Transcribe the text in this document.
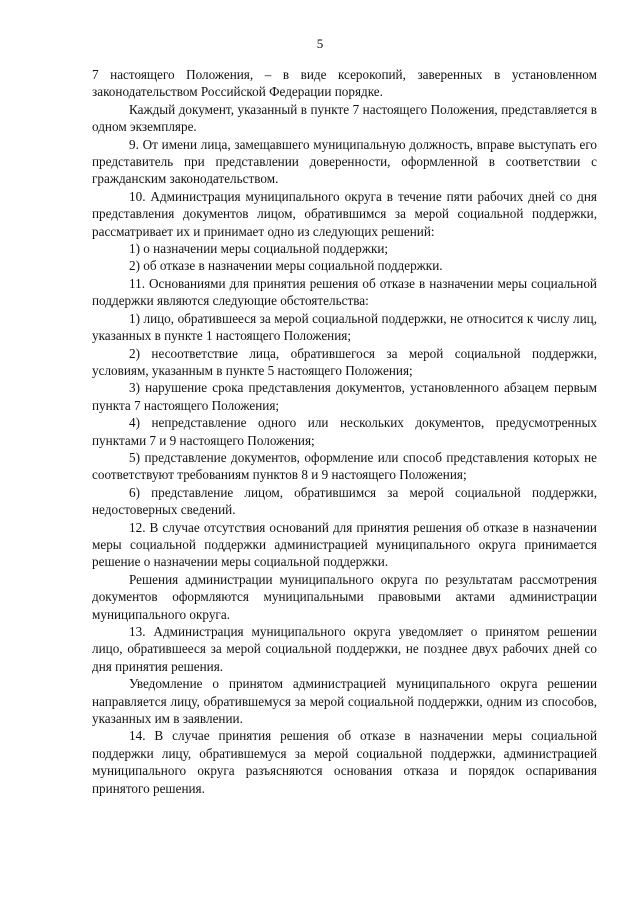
5

7 настоящего Положения, – в виде ксерокопий, заверенных в установленном законодательством Российской Федерации порядке.

Каждый документ, указанный в пункте 7 настоящего Положения, представляется в одном экземпляре.

9. От имени лица, замещавшего муниципальную должность, вправе выступать его представитель при представлении доверенности, оформленной в соответствии с гражданским законодательством.

10. Администрация муниципального округа в течение пяти рабочих дней со дня представления документов лицом, обратившимся за мерой социальной поддержки, рассматривает их и принимает одно из следующих решений:

1) о назначении меры социальной поддержки;

2) об отказе в назначении меры социальной поддержки.

11. Основаниями для принятия решения об отказе в назначении меры социальной поддержки являются следующие обстоятельства:

1) лицо, обратившееся за мерой социальной поддержки, не относится к числу лиц, указанных в пункте 1 настоящего Положения;

2) несоответствие лица, обратившегося за мерой социальной поддержки, условиям, указанным в пункте 5 настоящего Положения;

3) нарушение срока представления документов, установленного абзацем первым пункта 7 настоящего Положения;

4) непредставление одного или нескольких документов, предусмотренных пунктами 7 и 9 настоящего Положения;

5) представление документов, оформление или способ представления которых не соответствуют требованиям пунктов 8 и 9 настоящего Положения;

6) представление лицом, обратившимся за мерой социальной поддержки, недостоверных сведений.

12. В случае отсутствия оснований для принятия решения об отказе в назначении меры социальной поддержки администрацией муниципального округа принимается решение о назначении меры социальной поддержки.

Решения администрации муниципального округа по результатам рассмотрения документов оформляются муниципальными правовыми актами администрации муниципального округа.

13. Администрация муниципального округа уведомляет о принятом решении лицо, обратившееся за мерой социальной поддержки, не позднее двух рабочих дней со дня принятия решения.

Уведомление о принятом администрацией муниципального округа решении направляется лицу, обратившемуся за мерой социальной поддержки, одним из способов, указанных им в заявлении.

14. В случае принятия решения об отказе в назначении меры социальной поддержки лицу, обратившемуся за мерой социальной поддержки, администрацией муниципального округа разъясняются основания отказа и порядок оспаривания принятого решения.
